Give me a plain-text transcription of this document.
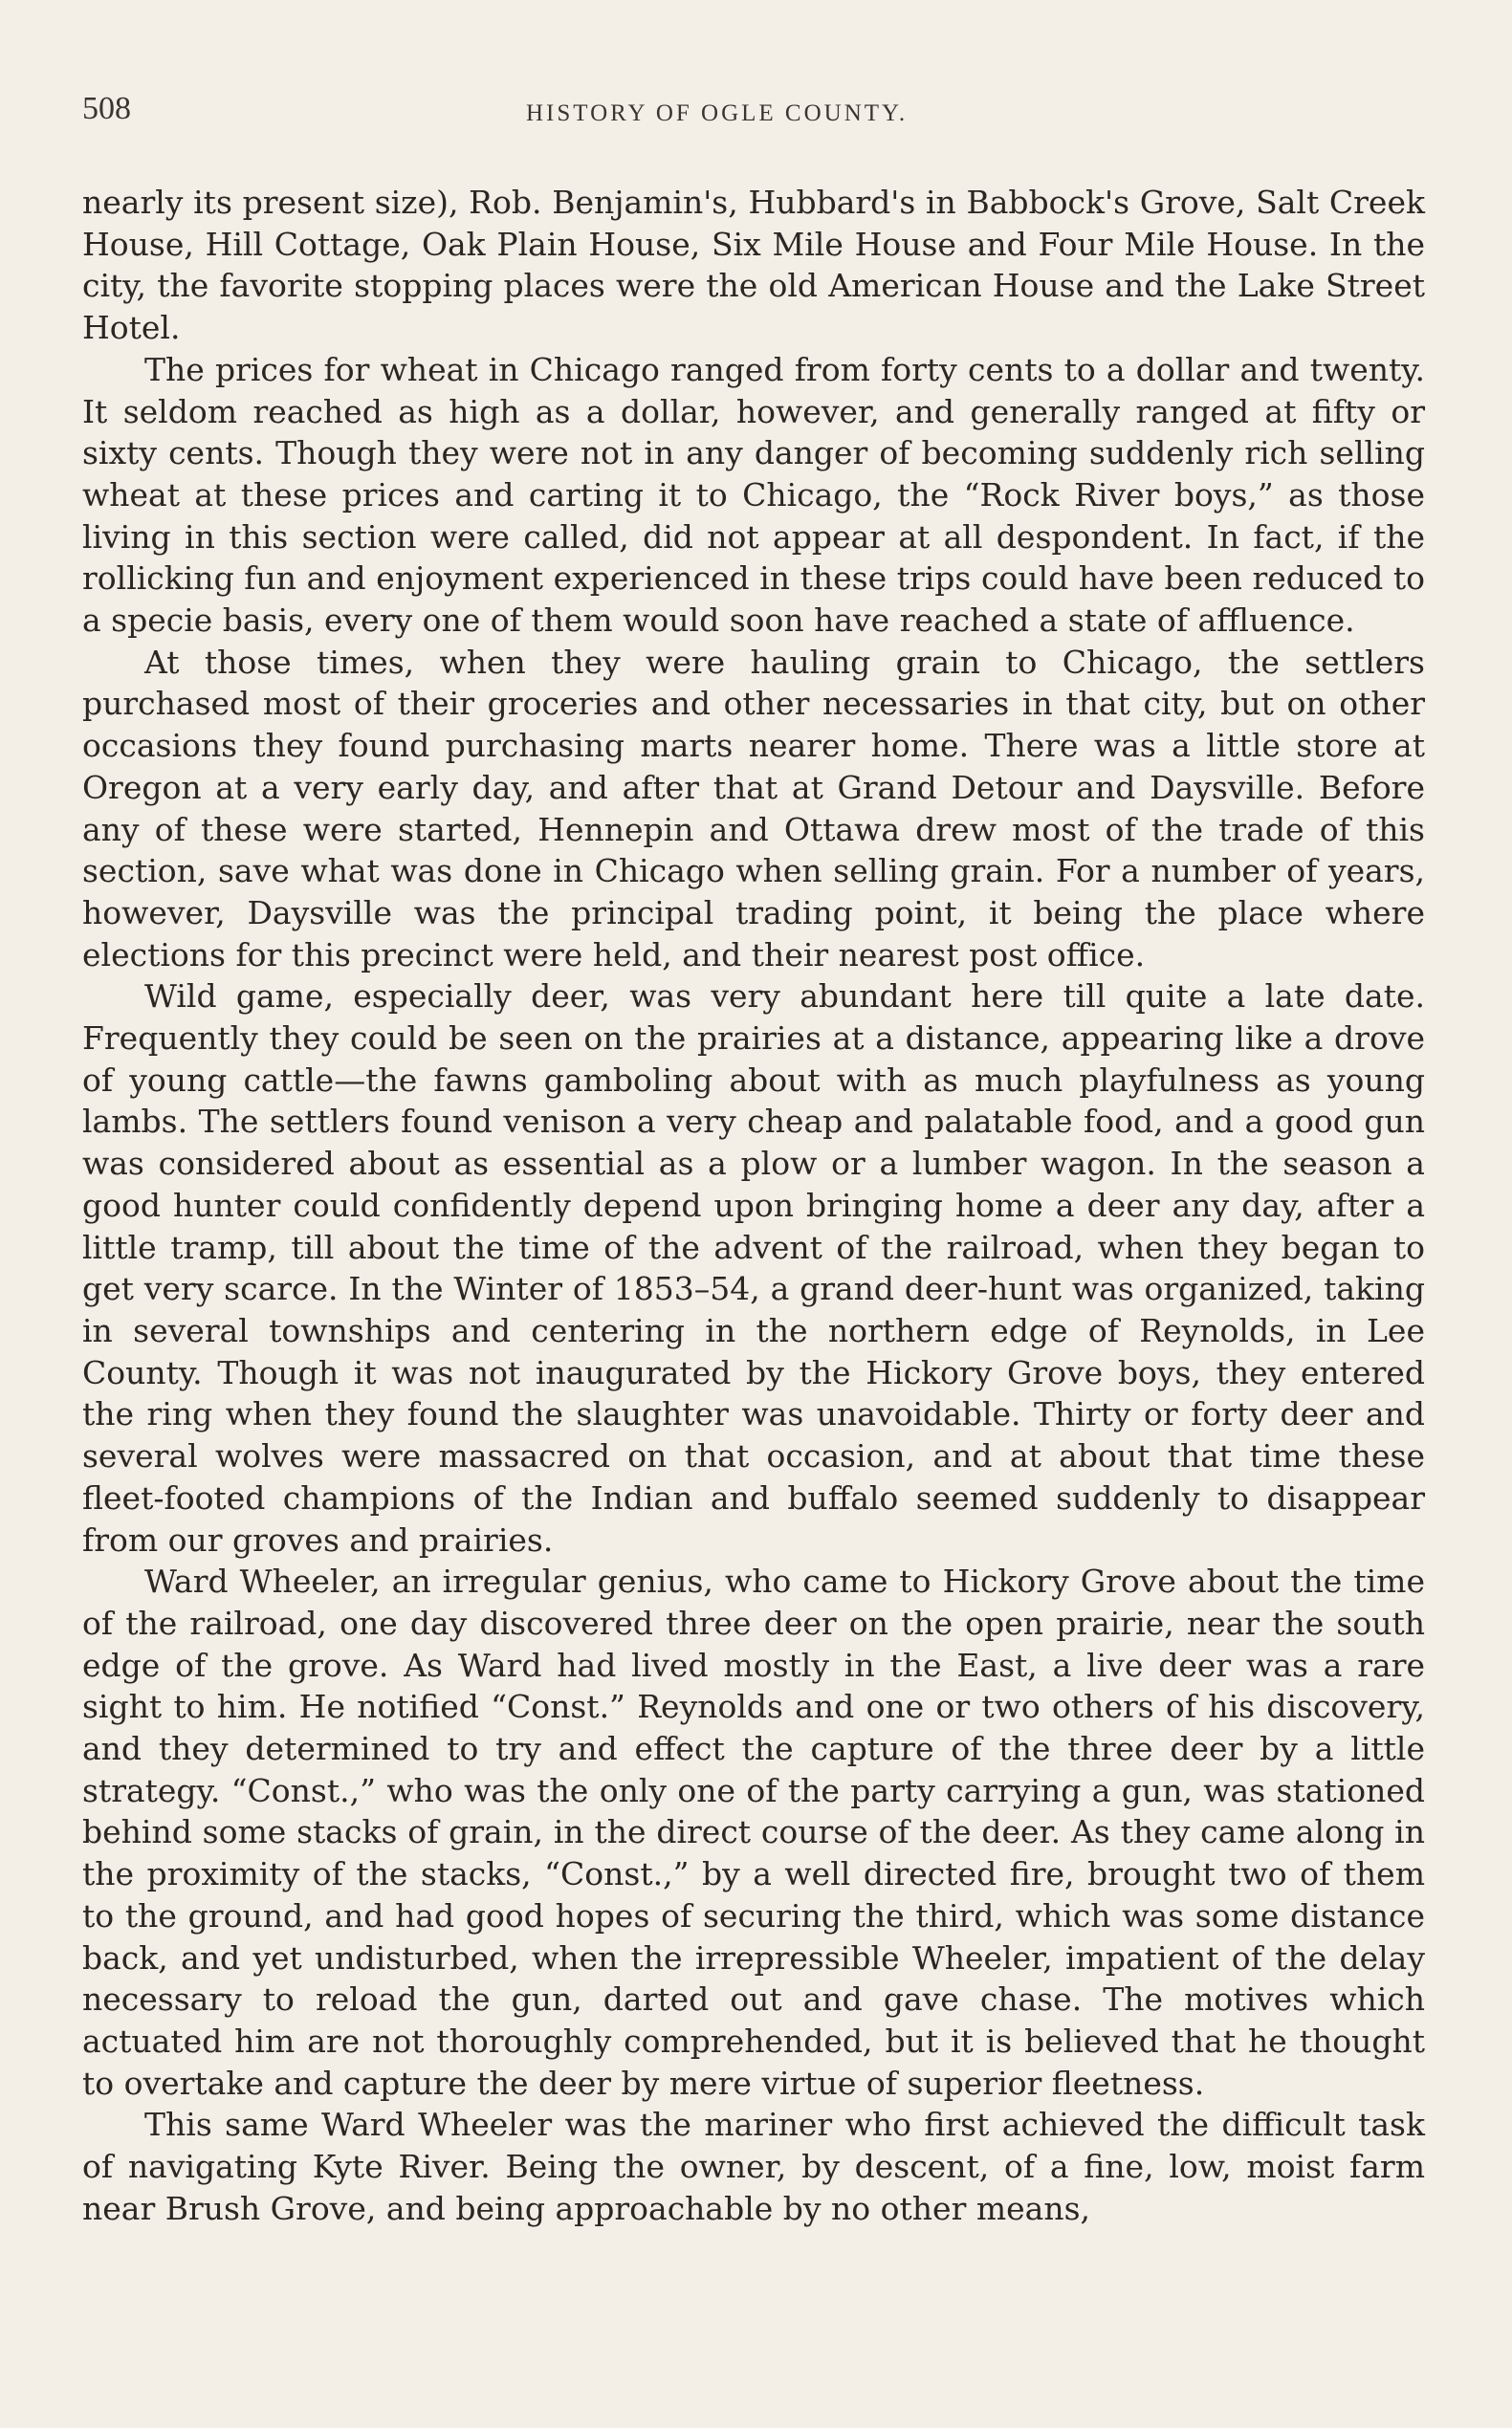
508	HISTORY OF OGLE COUNTY.

nearly its present size), Rob. Benjamin's, Hubbard's in Babbock's Grove, Salt Creek House, Hill Cottage, Oak Plain House, Six Mile House and Four Mile House. In the city, the favorite stopping places were the old American House and the Lake Street Hotel.

The prices for wheat in Chicago ranged from forty cents to a dollar and twenty. It seldom reached as high as a dollar, however, and generally ranged at fifty or sixty cents. Though they were not in any danger of becoming suddenly rich selling wheat at these prices and carting it to Chicago, the “Rock River boys,” as those living in this section were called, did not appear at all despondent. In fact, if the rollicking fun and enjoyment experienced in these trips could have been reduced to a specie basis, every one of them would soon have reached a state of affluence.

At those times, when they were hauling grain to Chicago, the settlers purchased most of their groceries and other necessaries in that city, but on other occasions they found purchasing marts nearer home. There was a little store at Oregon at a very early day, and after that at Grand Detour and Daysville. Before any of these were started, Hennepin and Ottawa drew most of the trade of this section, save what was done in Chicago when selling grain. For a number of years, however, Daysville was the principal trading point, it being the place where elections for this precinct were held, and their nearest post office.

Wild game, especially deer, was very abundant here till quite a late date. Frequently they could be seen on the prairies at a distance, appearing like a drove of young cattle—the fawns gamboling about with as much playfulness as young lambs. The settlers found venison a very cheap and palatable food, and a good gun was considered about as essential as a plow or a lumber wagon. In the season a good hunter could confidently depend upon bringing home a deer any day, after a little tramp, till about the time of the advent of the railroad, when they began to get very scarce. In the Winter of 1853–54, a grand deer-hunt was organized, taking in several townships and centering in the northern edge of Reynolds, in Lee County. Though it was not inaugurated by the Hickory Grove boys, they entered the ring when they found the slaughter was unavoidable. Thirty or forty deer and several wolves were massacred on that occasion, and at about that time these fleet-footed champions of the Indian and buffalo seemed suddenly to disappear from our groves and prairies.

Ward Wheeler, an irregular genius, who came to Hickory Grove about the time of the railroad, one day discovered three deer on the open prairie, near the south edge of the grove. As Ward had lived mostly in the East, a live deer was a rare sight to him. He notified “Const.” Reynolds and one or two others of his discovery, and they determined to try and effect the capture of the three deer by a little strategy. “Const.,” who was the only one of the party carrying a gun, was stationed behind some stacks of grain, in the direct course of the deer. As they came along in the proximity of the stacks, “Const.,” by a well directed fire, brought two of them to the ground, and had good hopes of securing the third, which was some distance back, and yet undisturbed, when the irrepressible Wheeler, impatient of the delay necessary to reload the gun, darted out and gave chase. The motives which actuated him are not thoroughly comprehended, but it is believed that he thought to overtake and capture the deer by mere virtue of superior fleetness.

This same Ward Wheeler was the mariner who first achieved the difficult task of navigating Kyte River. Being the owner, by descent, of a fine, low, moist farm near Brush Grove, and being approachable by no other means,
